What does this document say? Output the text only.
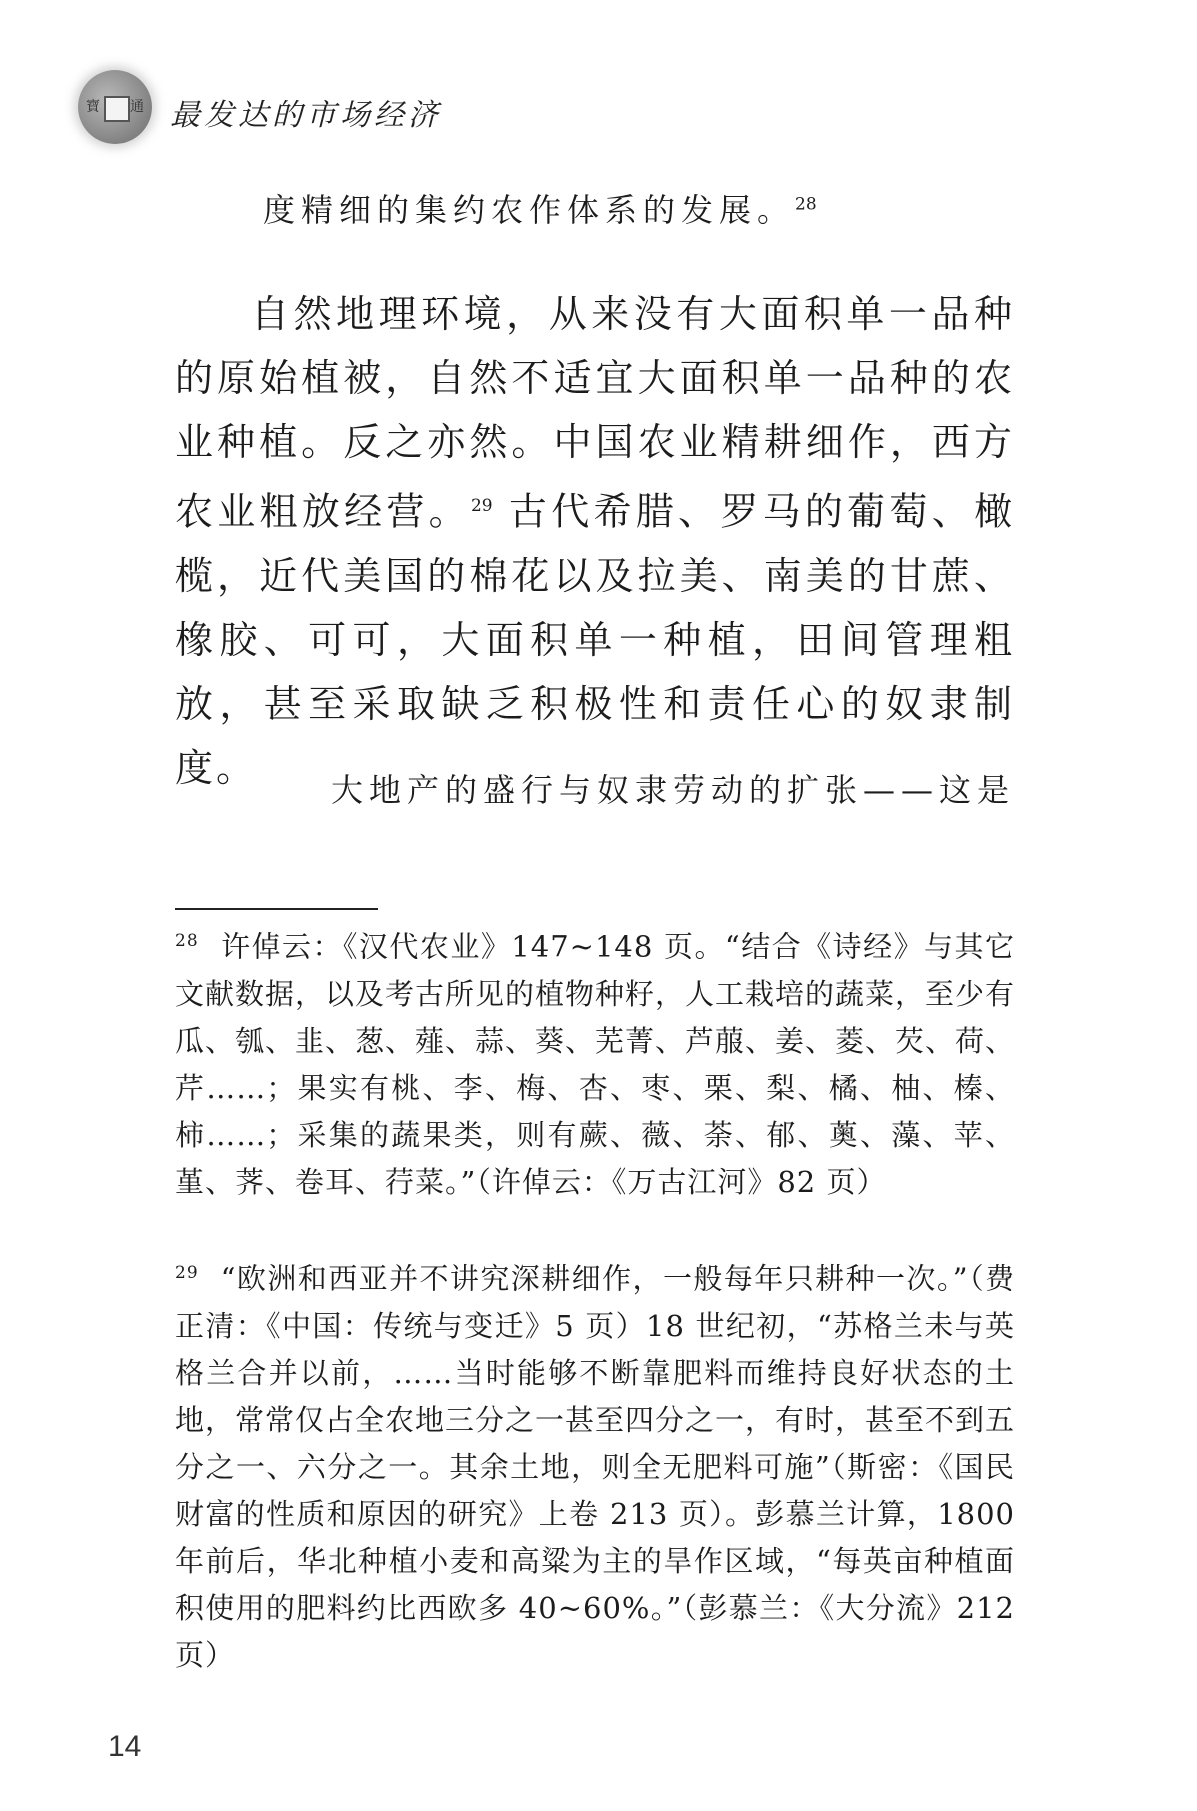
寶 通 最发达的市场经济
度精细的集约农作体系的发展。$^{28}$
自然地理环境，从来没有大面积单一品种的原始植被，自然不适宜大面积单一品种的农业种植。反之亦然。中国农业精耕细作，西方农业粗放经营。$^{29}$ 古代希腊、罗马的葡萄、橄榄，近代美国的棉花以及拉美、南美的甘蔗、橡胶、可可，大面积单一种植，田间管理粗放，甚至采取缺乏积极性和责任心的奴隶制度。
大地产的盛行与奴隶劳动的扩张——这是
$^{28}$ 许倬云：《汉代农业》147~148 页。“结合《诗经》与其它文献数据，以及考古所见的植物种籽，人工栽培的蔬菜，至少有瓜、瓠、韭、葱、薤、蒜、葵、芜菁、芦菔、姜、菱、芡、荷、芹……；果实有桃、李、梅、杏、枣、栗、梨、橘、柚、榛、柿……；采集的蔬果类，则有蕨、薇、荼、郁、薁、藻、苹、堇、荠、卷耳、荇菜。”（许倬云：《万古江河》82 页）
$^{29}$ “欧洲和西亚并不讲究深耕细作，一般每年只耕种一次。”（费正清：《中国：传统与变迁》5 页）18 世纪初，“苏格兰未与英格兰合并以前，……当时能够不断靠肥料而维持良好状态的土地，常常仅占全农地三分之一甚至四分之一，有时，甚至不到五分之一、六分之一。其余土地，则全无肥料可施”（斯密：《国民财富的性质和原因的研究》上卷 213 页）。彭慕兰计算，1800 年前后，华北种植小麦和高粱为主的旱作区域，“每英亩种植面积使用的肥料约比西欧多 40~60%。”（彭慕兰：《大分流》212 页）
14
